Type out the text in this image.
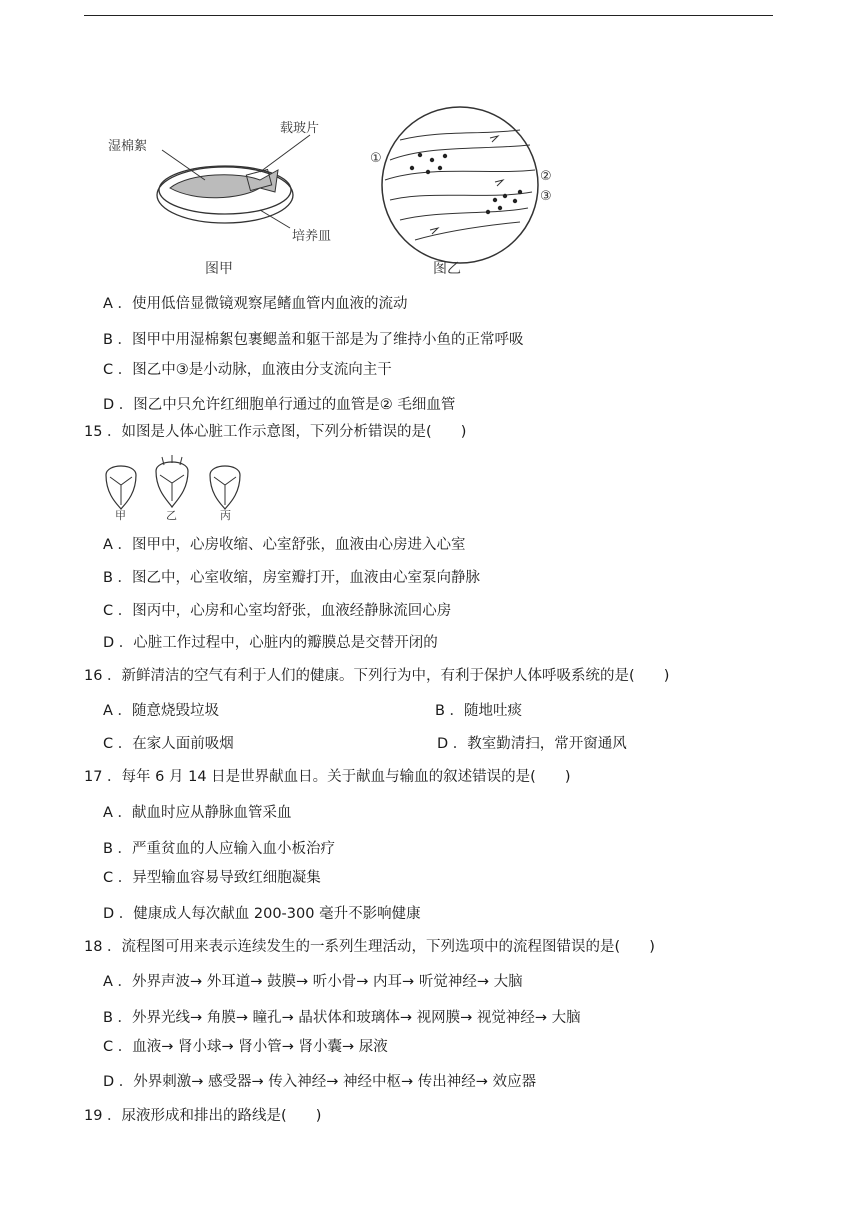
湿棉絮
载玻片
培养皿
①
②
③
图甲	图乙
A ．使用低倍显微镜观察尾鳍血管内血液的流动
B ．图甲中用湿棉絮包裹鳃盖和躯干部是为了维持小鱼的正常呼吸
C ．图乙中③是小动脉，血液由分支流向主干
D ．图乙中只允许红细胞单行通过的血管是② 毛细血管
15 ．如图是人体心脏工作示意图，下列分析错误的是(　　)
甲	乙	丙
A ．图甲中，心房收缩、心室舒张，血液由心房进入心室
B ．图乙中，心室收缩，房室瓣打开，血液由心室泵向静脉
C ．图丙中，心房和心室均舒张，血液经静脉流回心房
D ．心脏工作过程中，心脏内的瓣膜总是交替开闭的
16 ．新鲜清洁的空气有利于人们的健康。下列行为中，有利于保护人体呼吸系统的是(　　)
A ．随意烧毁垃圾	B ．随地吐痰
C ．在家人面前吸烟	D ．教室勤清扫，常开窗通风
17 ．每年 6 月 14 日是世界献血日。关于献血与输血的叙述错误的是(　　)
A ．献血时应从静脉血管采血
B ．严重贫血的人应输入血小板治疗
C ．异型输血容易导致红细胞凝集
D ．健康成人每次献血 200-300 毫升不影响健康
18 ．流程图可用来表示连续发生的一系列生理活动，下列选项中的流程图错误的是(　　)
A ．外界声波→ 外耳道→ 鼓膜→ 听小骨→ 内耳→ 听觉神经→ 大脑
B ．外界光线→ 角膜→ 瞳孔→ 晶状体和玻璃体→ 视网膜→ 视觉神经→ 大脑
C ．血液→ 肾小球→ 肾小管→ 肾小囊→ 尿液
D ．外界刺激→ 感受器→ 传入神经→ 神经中枢→ 传出神经→ 效应器
19 ．尿液形成和排出的路线是(　　)
